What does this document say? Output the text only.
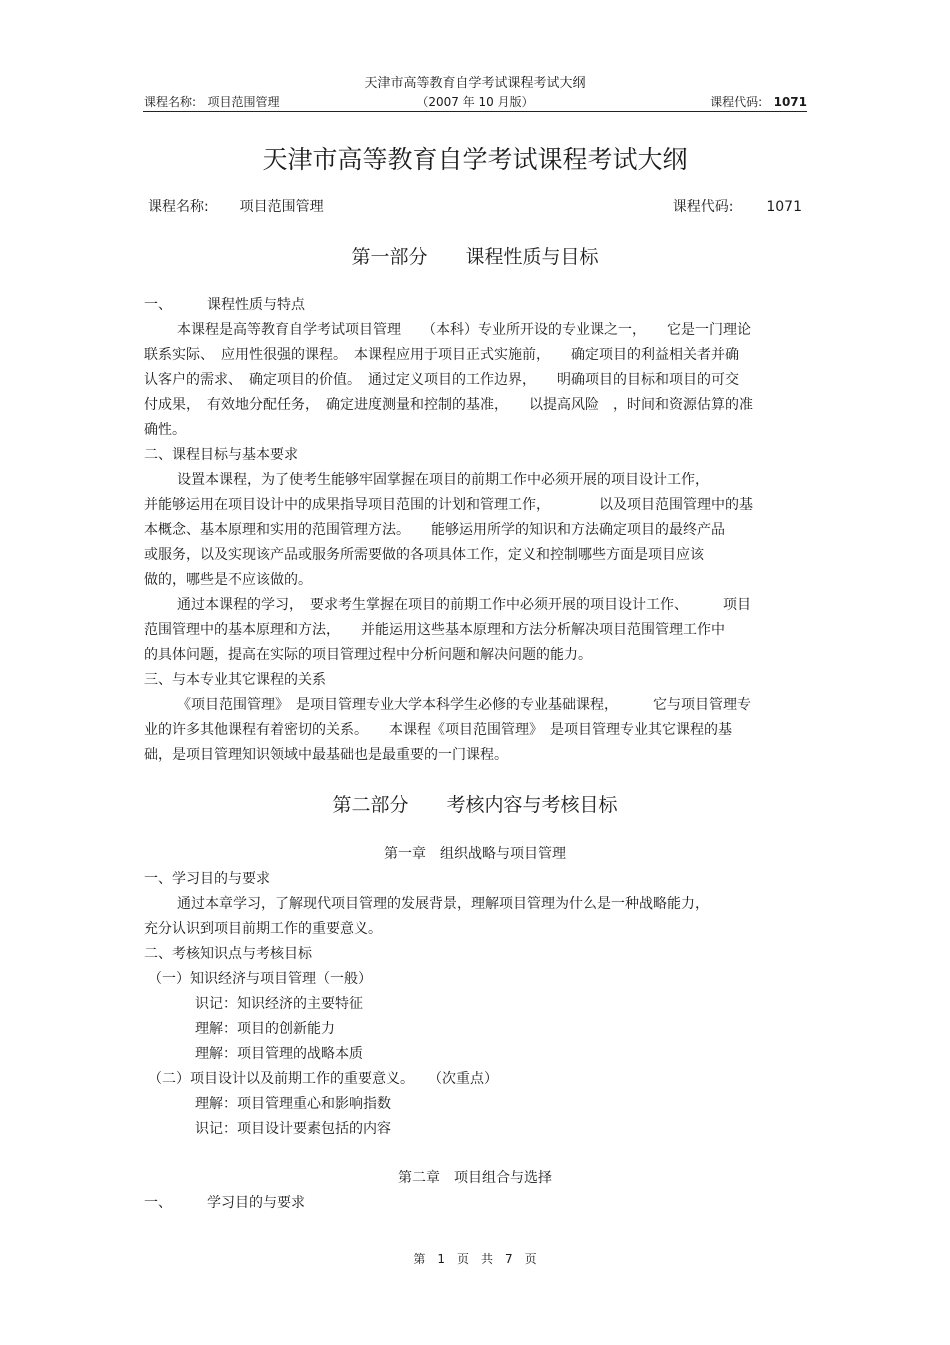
天津市高等教育自学考试课程考试大纲
课程名称: 项目范围管理	（2007 年 10 月版）	课程代码: 1071
天津市高等教育自学考试课程考试大纲
课程名称: 项目范围管理	课程代码: 1071
第一部分　　课程性质与目标
一、　　　课程性质与特点
本课程是高等教育自学考试项目管理　　（本科）专业所开设的专业课之一，　　它是一门理论
联系实际、　应用性很强的课程。　本课程应用于项目正式实施前，　　确定项目的利益相关者并确
认客户的需求、　确定项目的价值。　通过定义项目的工作边界，　　明确项目的目标和项目的可交
付成果，　有效地分配任务，　确定进度测量和控制的基准，　　以提高风险　，时间和资源估算的准
确性。
二、课程目标与基本要求
设置本课程，为了使考生能够牢固掌握在项目的前期工作中必须开展的项目设计工作，
并能够运用在项目设计中的成果指导项目范围的计划和管理工作，　　　　以及项目范围管理中的基
本概念、基本原理和实用的范围管理方法。　　能够运用所学的知识和方法确定项目的最终产品
或服务，以及实现该产品或服务所需要做的各项具体工作，定义和控制哪些方面是项目应该
做的，哪些是不应该做的。
通过本课程的学习，　要求考生掌握在项目的前期工作中必须开展的项目设计工作、　　　项目
范围管理中的基本原理和方法，　　并能运用这些基本原理和方法分析解决项目范围管理工作中
的具体问题，提高在实际的项目管理过程中分析问题和解决问题的能力。
三、与本专业其它课程的关系
《项目范围管理》　是项目管理专业大学本科学生必修的专业基础课程，　　　它与项目管理专
业的许多其他课程有着密切的关系。　　本课程《项目范围管理》　是项目管理专业其它课程的基
础，是项目管理知识领域中最基础也是最重要的一门课程。
第二部分　　考核内容与考核目标
第一章　组织战略与项目管理
一、学习目的与要求
通过本章学习，了解现代项目管理的发展背景，理解项目管理为什么是一种战略能力，
充分认识到项目前期工作的重要意义。
二、考核知识点与考核目标
（一）知识经济与项目管理（一般）
识记：知识经济的主要特征
理解：项目的创新能力
理解：项目管理的战略本质
（二）项目设计以及前期工作的重要意义。　　（次重点）
理解：项目管理重心和影响指数
识记：项目设计要素包括的内容
第二章　项目组合与选择
一、　　　学习目的与要求
第　1　页　共　7　页
